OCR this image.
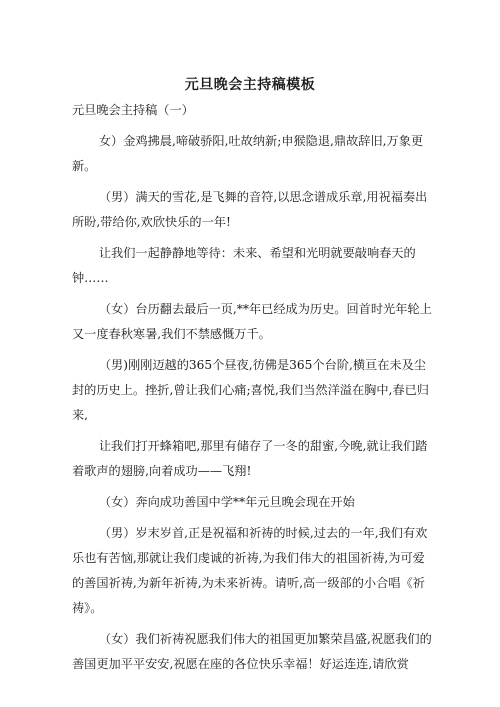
元旦晚会主持稿模板

元旦晚会主持稿（一）

女）金鸡拂晨,啼破骄阳,吐故纳新;申猴隐退,鼎故辞旧,万象更新。

（男）满天的雪花,是飞舞的音符,以思念谱成乐章,用祝福奏出所盼,带给你,欢欣快乐的一年!

让我们一起静静地等待：未来、希望和光明就要敲响春天的钟……

（女）台历翻去最后一页,**年已经成为历史。回首时光年轮上又一度春秋寒暑,我们不禁感慨万千。

（男)刚刚迈越的365个昼夜,彷佛是365个台阶,横亘在未及尘封的历史上。挫折,曾让我们心痛;喜悦,我们当然洋溢在胸中,春已归来,

让我们打开蜂箱吧,那里有储存了一冬的甜蜜,今晚,就让我们踏着歌声的翅膀,向着成功——飞翔!

（女）奔向成功善国中学**年元旦晚会现在开始

（男）岁末岁首,正是祝福和祈祷的时候,过去的一年,我们有欢乐也有苦恼,那就让我们虔诚的祈祷,为我们伟大的祖国祈祷,为可爱的善国祈祷,为新年祈祷,为未来祈祷。请听,高一级部的小合唱《祈祷》。

（女）我们祈祷祝愿我们伟大的祖国更加繁荣昌盛,祝愿我们的善国更加平平安安,祝愿在座的各位快乐幸福！好运连连,请欣赏
